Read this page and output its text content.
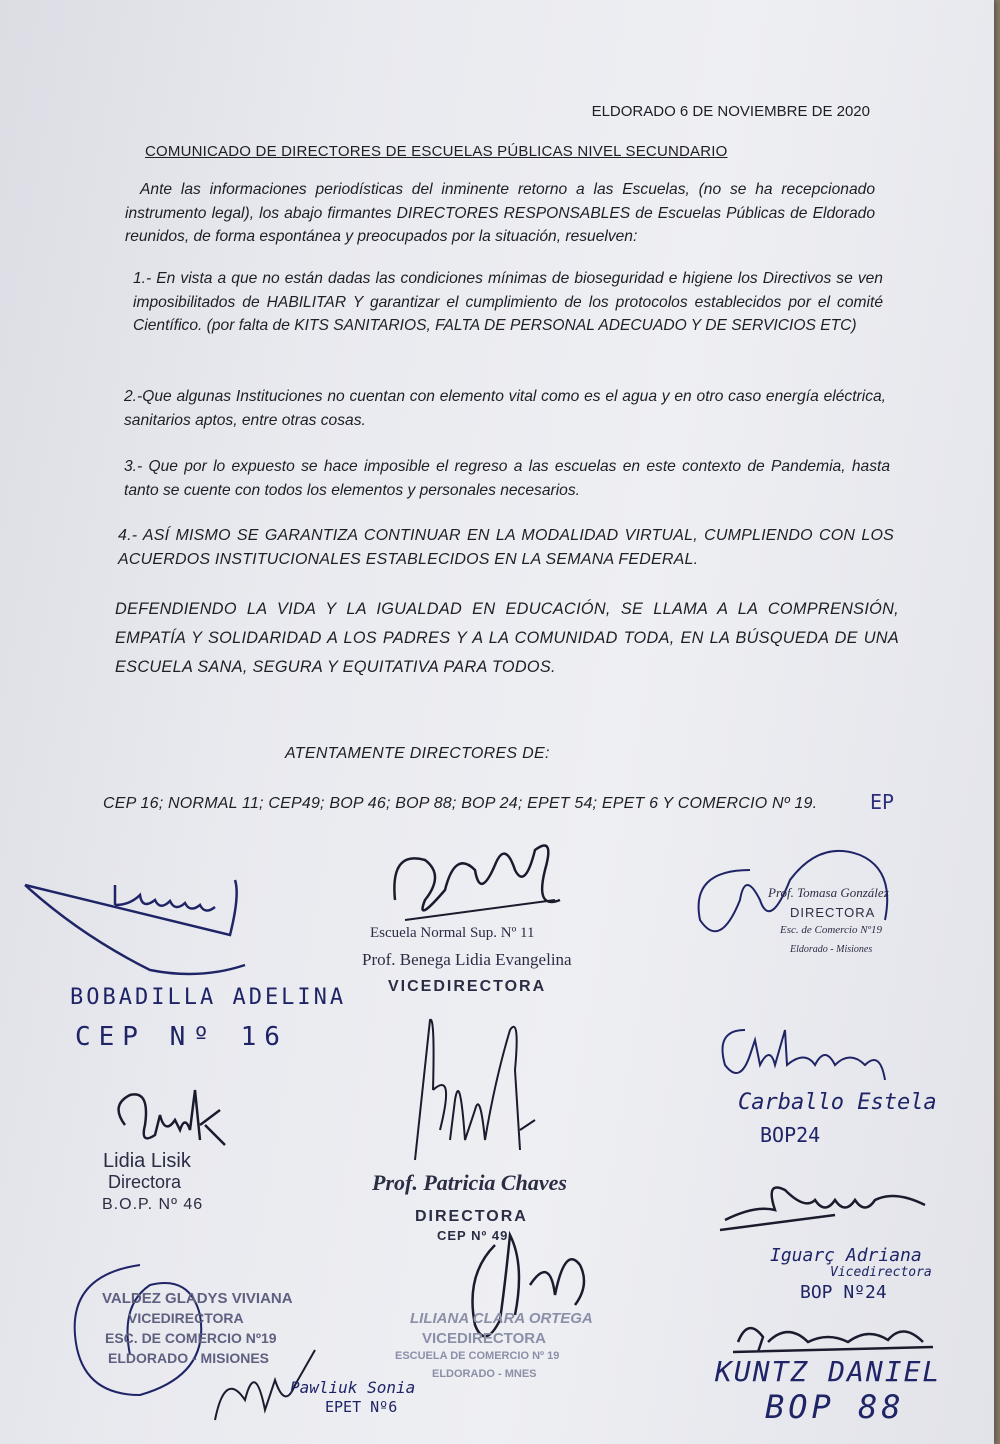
ELDORADO 6 DE NOVIEMBRE DE 2020
COMUNICADO DE DIRECTORES DE ESCUELAS PÚBLICAS NIVEL SECUNDARIO
Ante las informaciones periodísticas del inminente retorno a las Escuelas, (no se ha recepcionado instrumento legal), los abajo firmantes DIRECTORES RESPONSABLES de Escuelas Públicas de Eldorado reunidos, de forma espontánea y preocupados por la situación, resuelven:
1.- En vista a que no están dadas las condiciones mínimas de bioseguridad e higiene los Directivos se ven imposibilitados de HABILITAR Y garantizar el cumplimiento de los protocolos establecidos por el comité Científico. (por falta de KITS SANITARIOS, FALTA DE PERSONAL ADECUADO Y DE SERVICIOS ETC)
2.-Que algunas Instituciones no cuentan con elemento vital como es el agua y en otro caso energía eléctrica, sanitarios aptos, entre otras cosas.
3.- Que por lo expuesto se hace imposible el regreso a las escuelas en este contexto de Pandemia, hasta tanto se cuente con todos los elementos y personales necesarios.
4.- ASÍ MISMO SE GARANTIZA CONTINUAR EN LA MODALIDAD VIRTUAL, CUMPLIENDO CON LOS ACUERDOS INSTITUCIONALES ESTABLECIDOS EN LA SEMANA FEDERAL.
DEFENDIENDO LA VIDA Y LA IGUALDAD EN EDUCACIÓN, SE LLAMA A LA COMPRENSIÓN, EMPATÍA Y SOLIDARIDAD A LOS PADRES Y A LA COMUNIDAD TODA, EN LA BÚSQUEDA DE UNA ESCUELA SANA, SEGURA Y EQUITATIVA PARA TODOS.
ATENTAMENTE DIRECTORES DE:
CEP 16; NORMAL 11; CEP49; BOP 46; BOP 88; BOP 24; EPET 54; EPET 6 Y COMERCIO Nº 19.	EP
BOBADILLA ADELINA
CEP Nº 16
Escuela Normal Sup. Nº 11
Prof. Benega Lidia Evangelina
VICEDIRECTORA
Prof. Tomasa González
DIRECTORA
Esc. de Comercio Nº19
Eldorado - Misiones
Lidia Lisik
Directora
B.O.P. Nº 46
Prof. Patricia Chaves
DIRECTORA
CEP Nº 49
Carballo Estela
BOP24
Iguarç Adriana
Vicedirectora
BOP Nº24
VALDEZ GLADYS VIVIANA
VICEDIRECTORA
ESC. DE COMERCIO Nº19
ELDORADO - MISIONES
LILIANA CLARA ORTEGA
VICEDIRECTORA
ESCUELA DE COMERCIO Nº 19
ELDORADO - MNES
Pawliuk Sonia
EPET Nº6
KUNTZ DANIEL
BOP 88
